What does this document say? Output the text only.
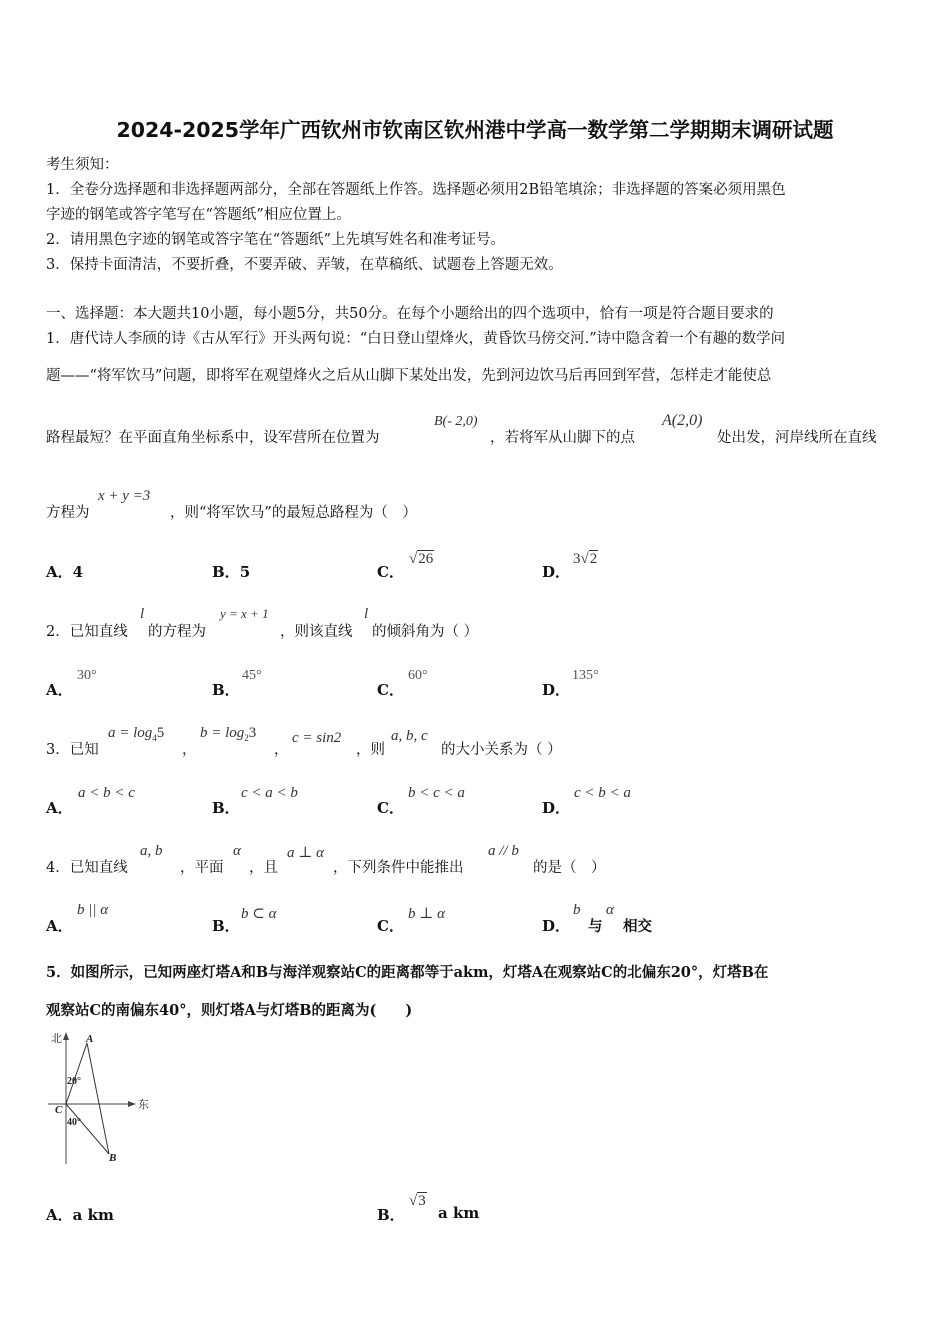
2024-2025学年广西钦州市钦南区钦州港中学高一数学第二学期期末调研试题
考生须知：
1．全卷分选择题和非选择题两部分，全部在答题纸上作答。选择题必须用2B铅笔填涂；非选择题的答案必须用黑色
字迹的钢笔或答字笔写在“答题纸”相应位置上。
2．请用黑色字迹的钢笔或答字笔在“答题纸”上先填写姓名和准考证号。
3．保持卡面清洁，不要折叠，不要弄破、弄皱，在草稿纸、试题卷上答题无效。
一、选择题：本大题共10小题，每小题5分，共50分。在每个小题给出的四个选项中，恰有一项是符合题目要求的
1．唐代诗人李颀的诗《古从军行》开头两句说：“白日登山望烽火，黄昏饮马傍交河.”诗中隐含着一个有趣的数学问
题——“将军饮马”问题，即将军在观望烽火之后从山脚下某处出发，先到河边饮马后再回到军营，怎样走才能使总
路程最短？在平面直角坐标系中，设军营所在位置为
B(- 2,0)
，若将军从山脚下的点
A(2,0)
处出发，河岸线所在直线
方程为
x + y =3
，则“将军饮马”的最短总路程为（　）
A．4	B．5	C．
√26
D．
3√2
2．已知直线
l
的方程为
y = x + 1
，则该直线
l
的倾斜角为（ ）
A．
30°
B．
45°
C．
60°
D．
135°
3．已知
$a = \log_45$
，
$b = \log_23$
，
c = sin2
，则
a, b, c
的大小关系为（ ）
A．
a < b < c
B．
c < a < b
C．
b < c < a
D．
c < b < a
4．已知直线
a, b
，平面
α
，且
a ⊥ α
，下列条件中能推出
a // b
的是（　）
A．
b || α
B．
b ⊂ α
C．
b ⊥ α
D．
b
与
α
相交
5．如图所示，已知两座灯塔A和B与海洋观察站C的距离都等于akm，灯塔A在观察站C的北偏东20°，灯塔B在
观察站C的南偏东40°，则灯塔A与灯塔B的距离为(　　)
北
东
A
B
C
20°
40°
A．a km	B．
√3
a km
